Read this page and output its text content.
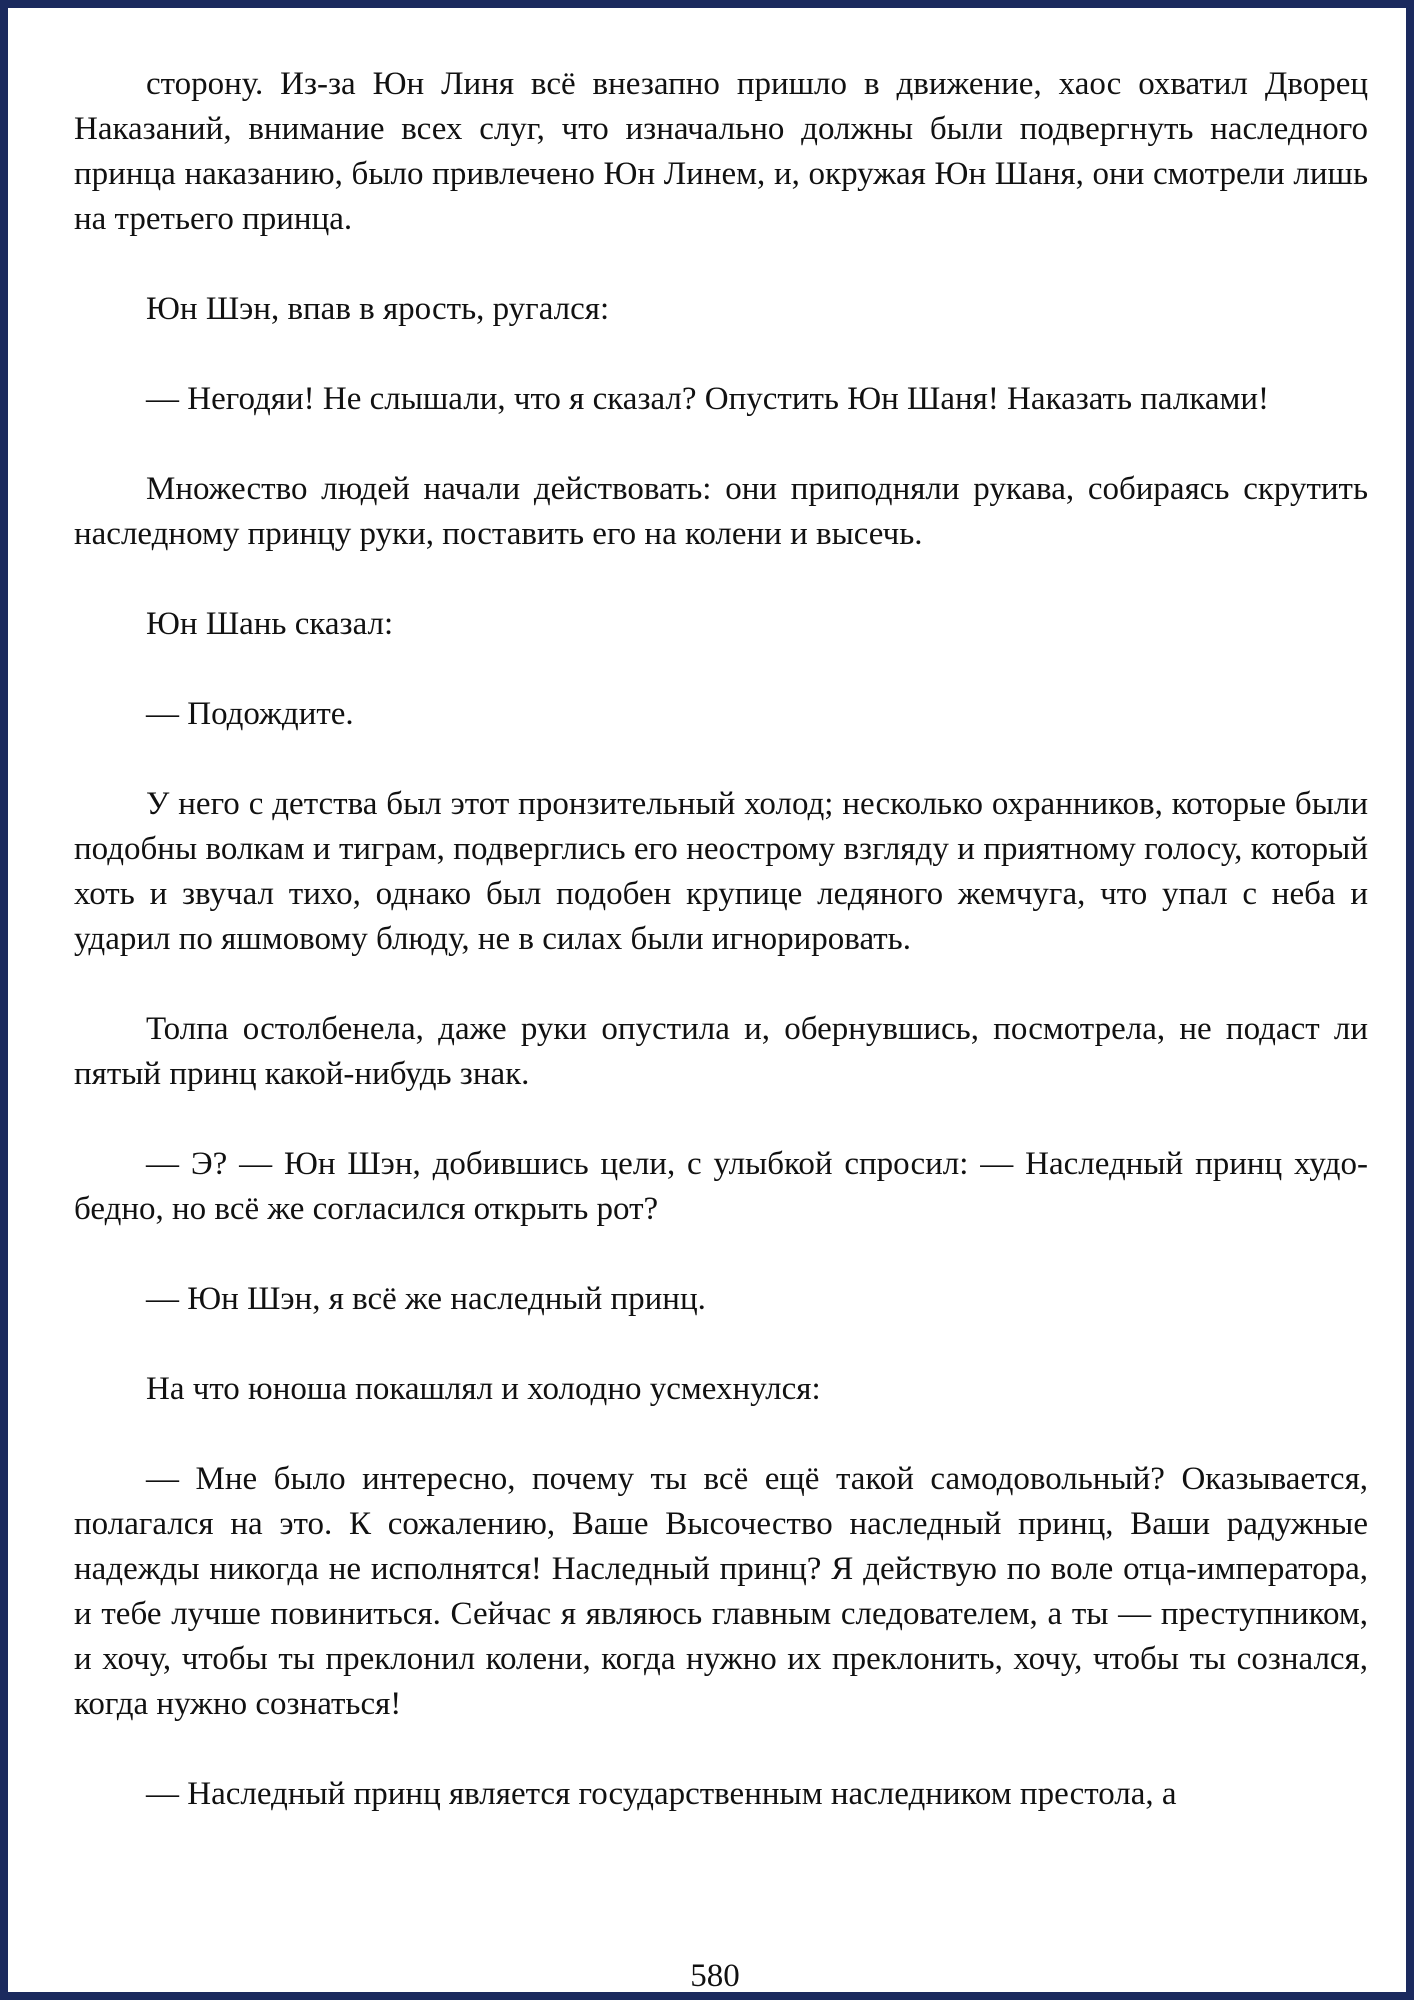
сторону. Из-за Юн Линя всё внезапно пришло в движение, хаос охватил Дворец Наказаний, внимание всех слуг, что изначально должны были подвергнуть наследного принца наказанию, было привлечено Юн Линем, и, окружая Юн Шаня, они смотрели лишь на третьего принца.

Юн Шэн, впав в ярость, ругался:

— Негодяи! Не слышали, что я сказал? Опустить Юн Шаня! Наказать палками!

Множество людей начали действовать: они приподняли рукава, собираясь скрутить наследному принцу руки, поставить его на колени и высечь.

Юн Шань сказал:

— Подождите.

У него с детства был этот пронзительный холод; несколько охранников, которые были подобны волкам и тиграм, подверглись его неострому взгляду и приятному голосу, который хоть и звучал тихо, однако был подобен крупице ледяного жемчуга, что упал с неба и ударил по яшмовому блюду, не в силах были игнорировать.

Толпа остолбенела, даже руки опустила и, обернувшись, посмотрела, не подаст ли пятый принц какой-нибудь знак.

— Э? — Юн Шэн, добившись цели, с улыбкой спросил: — Наследный принц худо-бедно, но всё же согласился открыть рот?

— Юн Шэн, я всё же наследный принц.

На что юноша покашлял и холодно усмехнулся:

— Мне было интересно, почему ты всё ещё такой самодовольный? Оказывается, полагался на это. К сожалению, Ваше Высочество наследный принц, Ваши радужные надежды никогда не исполнятся! Наследный принц? Я действую по воле отца-императора, и тебе лучше повиниться. Сейчас я являюсь главным следователем, а ты — преступником, и хочу, чтобы ты преклонил колени, когда нужно их преклонить, хочу, чтобы ты сознался, когда нужно сознаться!

— Наследный принц является государственным наследником престола, а

580
